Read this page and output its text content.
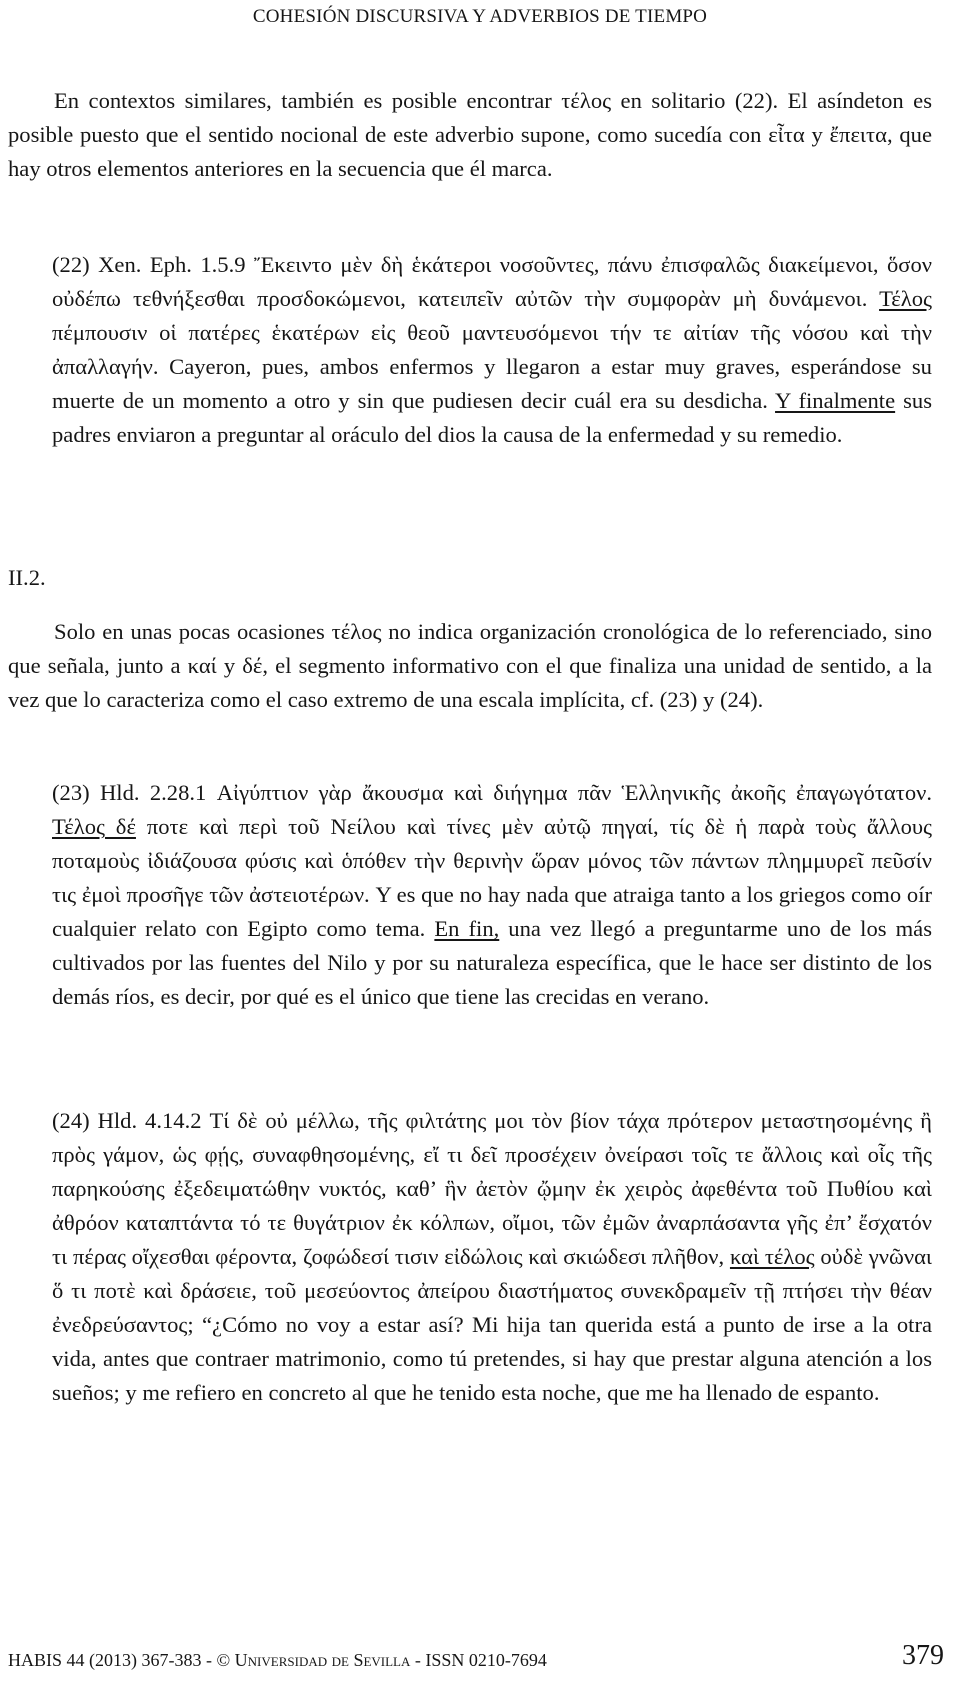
COHESIÓN DISCURSIVA Y ADVERBIOS DE TIEMPO

En contextos similares, también es posible encontrar τέλος en solitario (22). El asíndeton es posible puesto que el sentido nocional de este adverbio supone, como sucedía con εἶτα y ἔπειτα, que hay otros elementos anteriores en la secuencia que él marca.

(22) Xen. Eph. 1.5.9 Ἔκειντο μὲν δὴ ἑκάτεροι νοσοῦντες, πάνυ ἐπισφαλῶς διακείμενοι, ὅσον οὐδέπω τεθνήξεσθαι προσδοκώμενοι, κατειπεῖν αὐτῶν τὴν συμφορὰν μὴ δυνάμενοι. Τέλος πέμπουσιν οἱ πατέρες ἑκατέρων εἰς θεοῦ μαντευσόμενοι τήν τε αἰτίαν τῆς νόσου καὶ τὴν ἀπαλλαγήν. Cayeron, pues, ambos enfermos y llegaron a estar muy graves, esperándose su muerte de un momento a otro y sin que pudiesen decir cuál era su desdicha. Y finalmente sus padres enviaron a preguntar al oráculo del dios la causa de la enfermedad y su remedio.

II.2.

Solo en unas pocas ocasiones τέλος no indica organización cronológica de lo referenciado, sino que señala, junto a καί y δέ, el segmento informativo con el que finaliza una unidad de sentido, a la vez que lo caracteriza como el caso extremo de una escala implícita, cf. (23) y (24).

(23) Hld. 2.28.1 Αἰγύπτιον γὰρ ἄκουσμα καὶ διήγημα πᾶν Ἑλληνικῆς ἀκοῆς ἐπαγωγότατον. Τέλος δέ ποτε καὶ περὶ τοῦ Νείλου καὶ τίνες μὲν αὐτῷ πηγαί, τίς δὲ ἡ παρὰ τοὺς ἄλλους ποταμοὺς ἰδιάζουσα φύσις καὶ ὁπόθεν τὴν θερινὴν ὥραν μόνος τῶν πάντων πλημμυρεῖ πεῦσίν τις ἐμοὶ προσῆγε τῶν ἀστειοτέρων. Y es que no hay nada que atraiga tanto a los griegos como oír cualquier relato con Egipto como tema. En fin, una vez llegó a preguntarme uno de los más cultivados por las fuentes del Nilo y por su naturaleza específica, que le hace ser distinto de los demás ríos, es decir, por qué es el único que tiene las crecidas en verano.

(24) Hld. 4.14.2 Τί δὲ οὐ μέλλω, τῆς φιλτάτης μοι τὸν βίον τάχα πρότερον μεταστησομένης ἢ πρὸς γάμον, ὡς φῄς, συναφθησομένης, εἴ τι δεῖ προσέχειν ὀνείρασι τοῖς τε ἄλλοις καὶ οἷς τῆς παρηκούσης ἐξεδειματώθην νυκτός, καθ’ ἣν ἀετὸν ᾤμην ἐκ χειρὸς ἀφεθέντα τοῦ Πυθίου καὶ ἀθρόον καταπτάντα τό τε θυγάτριον ἐκ κόλπων, οἴμοι, τῶν ἐμῶν ἀναρπάσαντα γῆς ἐπ’ ἔσχατόν τι πέρας οἴχεσθαι φέροντα, ζοφώδεσί τισιν εἰδώλοις καὶ σκιώδεσι πλῆθον, καὶ τέλος οὐδὲ γνῶναι ὅ τι ποτὲ καὶ δράσειε, τοῦ μεσεύοντος ἀπείρου διαστήματος συνεκδραμεῖν τῇ πτήσει τὴν θέαν ἐνεδρεύσαντος; “¿Cómo no voy a estar así? Mi hija tan querida está a punto de irse a la otra vida, antes que contraer matrimonio, como tú pretendes, si hay que prestar alguna atención a los sueños; y me refiero en concreto al que he tenido esta noche, que me ha llenado de espanto.

HABIS 44 (2013) 367-383 - © Universidad de Sevilla - ISSN 0210-7694	379
